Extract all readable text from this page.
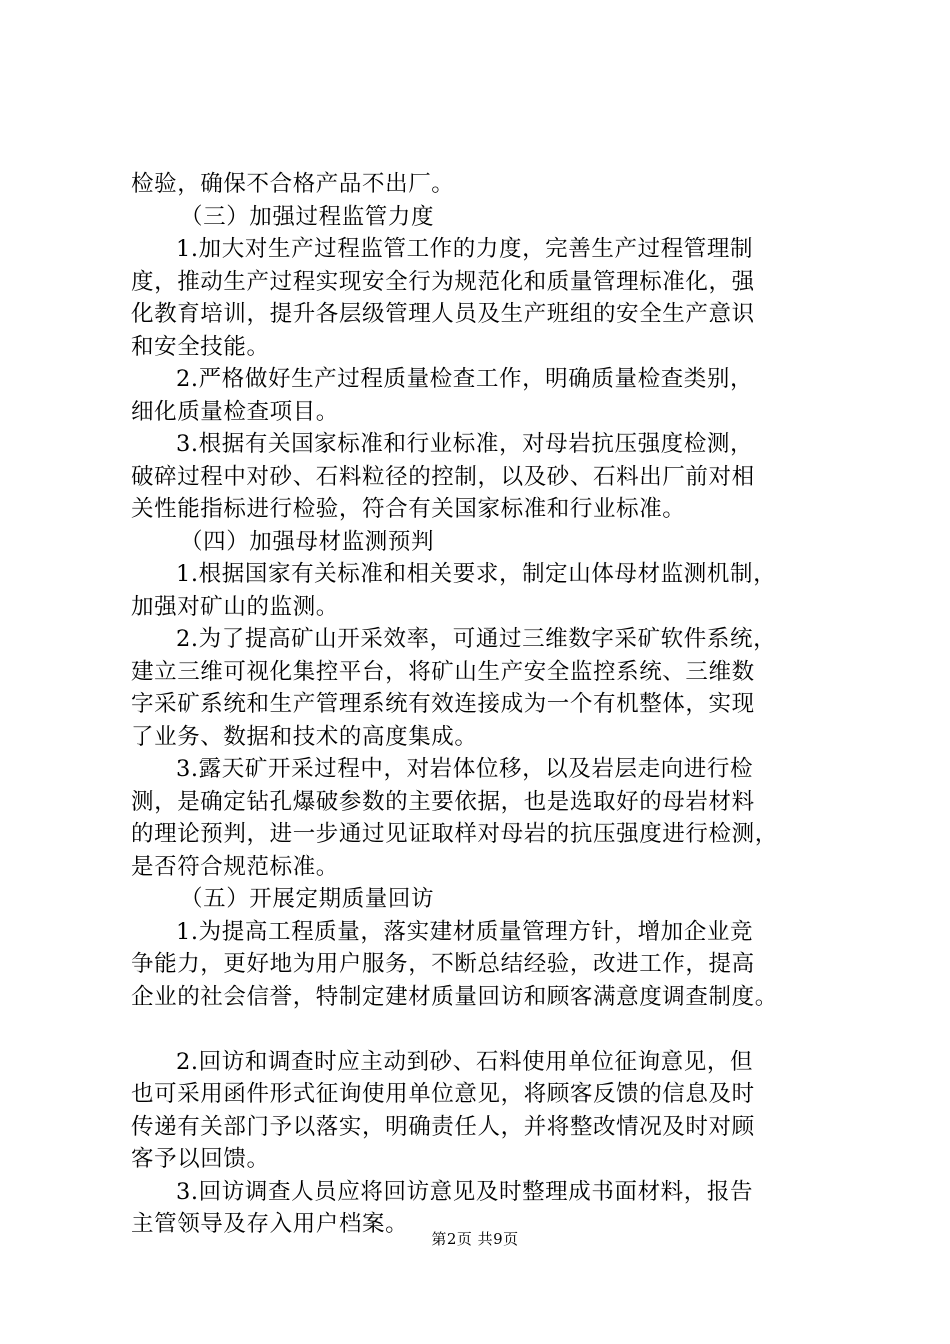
检验，确保不合格产品不出厂。
（三）加强过程监管力度
1.加大对生产过程监管工作的力度，完善生产过程管理制
度，推动生产过程实现安全行为规范化和质量管理标准化，强
化教育培训，提升各层级管理人员及生产班组的安全生产意识
和安全技能。
2.严格做好生产过程质量检查工作，明确质量检查类别，
细化质量检查项目。
3.根据有关国家标准和行业标准，对母岩抗压强度检测，
破碎过程中对砂、石料粒径的控制，以及砂、石料出厂前对相
关性能指标进行检验，符合有关国家标准和行业标准。
（四）加强母材监测预判
1.根据国家有关标准和相关要求，制定山体母材监测机制，
加强对矿山的监测。
2.为了提高矿山开采效率，可通过三维数字采矿软件系统，
建立三维可视化集控平台，将矿山生产安全监控系统、三维数
字采矿系统和生产管理系统有效连接成为一个有机整体，实现
了业务、数据和技术的高度集成。
3.露天矿开采过程中，对岩体位移，以及岩层走向进行检
测，是确定钻孔爆破参数的主要依据，也是选取好的母岩材料
的理论预判，进一步通过见证取样对母岩的抗压强度进行检测，
是否符合规范标准。
（五）开展定期质量回访
1.为提高工程质量，落实建材质量管理方针，增加企业竞
争能力，更好地为用户服务，不断总结经验，改进工作，提高
企业的社会信誉，特制定建材质量回访和顾客满意度调查制度。
2.回访和调查时应主动到砂、石料使用单位征询意见，但
也可采用函件形式征询使用单位意见，将顾客反馈的信息及时
传递有关部门予以落实，明确责任人，并将整改情况及时对顾
客予以回馈。
3.回访调查人员应将回访意见及时整理成书面材料，报告
主管领导及存入用户档案。
第2页 共9页
